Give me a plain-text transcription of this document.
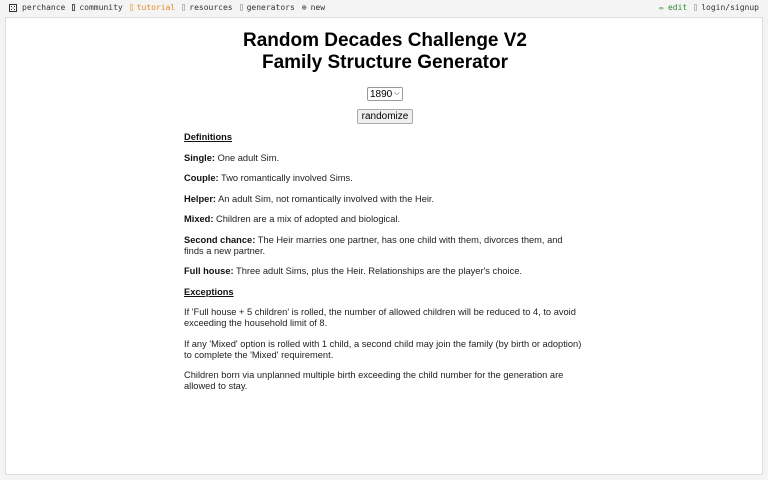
perchance community tutorial resources generators ⊕ new	✏ edit login/signup
Random Decades Challenge V2
Family Structure Generator
1890 ⌵
randomize

Definitions

Single: One adult Sim.

Couple: Two romantically involved Sims.

Helper: An adult Sim, not romantically involved with the Heir.

Mixed: Children are a mix of adopted and biological.

Second chance: The Heir marries one partner, has one child with them, divorces them, and finds a new partner.

Full house: Three adult Sims, plus the Heir. Relationships are the player's choice.

Exceptions

If 'Full house + 5 children' is rolled, the number of allowed children will be reduced to 4, to avoid exceeding the household limit of 8.

If any 'Mixed' option is rolled with 1 child, a second child may join the family (by birth or adoption) to complete the 'Mixed' requirement.

Children born via unplanned multiple birth exceeding the child number for the generation are allowed to stay.
